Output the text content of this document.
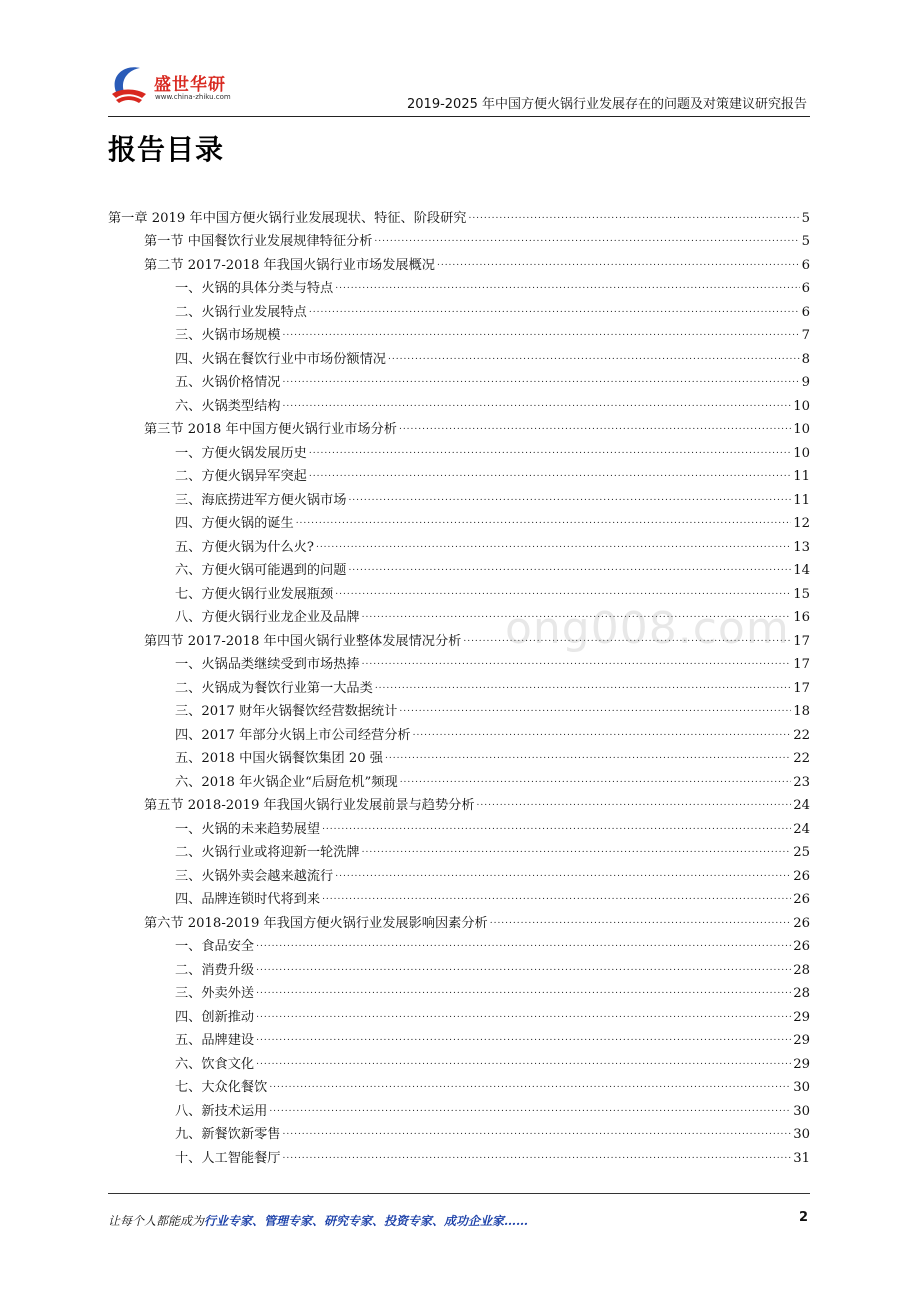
盛世华研
www.china-zhiku.com	2019-2025 年中国方便火锅行业发展存在的问题及对策建议研究报告
报告目录
第一章 2019 年中国方便火锅行业发展现状、特征、阶段研究 .....	5
第一节 中国餐饮行业发展规律特征分析 .....	5
第二节 2017-2018 年我国火锅行业市场发展概况 .....	6
一、火锅的具体分类与特点 .....	6
二、火锅行业发展特点 .....	6
三、火锅市场规模 .....	7
四、火锅在餐饮行业中市场份额情况 .....	8
五、火锅价格情况 .....	9
六、火锅类型结构 .....	10
第三节 2018 年中国方便火锅行业市场分析 .....	10
一、方便火锅发展历史 .....	10
二、方便火锅异军突起 .....	11
三、海底捞进军方便火锅市场 .....	11
四、方便火锅的诞生 .....	12
五、方便火锅为什么火? .....	13
六、方便火锅可能遇到的问题 .....	14
七、方便火锅行业发展瓶颈 .....	15
八、方便火锅行业龙企业及品牌 .....	16
第四节 2017-2018 年中国火锅行业整体发展情况分析 .....	17
一、火锅品类继续受到市场热捧 .....	17
二、火锅成为餐饮行业第一大品类 .....	17
三、2017 财年火锅餐饮经营数据统计 .....	18
四、2017 年部分火锅上市公司经营分析 .....	22
五、2018 中国火锅餐饮集团 20 强 .....	22
六、2018 年火锅企业“后厨危机”频现 .....	23
第五节 2018-2019 年我国火锅行业发展前景与趋势分析 .....	24
一、火锅的未来趋势展望 .....	24
二、火锅行业或将迎新一轮洗牌 .....	25
三、火锅外卖会越来越流行 .....	26
四、品牌连锁时代将到来 .....	26
第六节 2018-2019 年我国方便火锅行业发展影响因素分析 .....	26
一、食品安全 .....	26
二、消费升级 .....	28
三、外卖外送 .....	28
四、创新推动 .....	29
五、品牌建设 .....	29
六、饮食文化 .....	29
七、大众化餐饮 .....	30
八、新技术运用 .....	30
九、新餐饮新零售 .....	30
十、人工智能餐厅 .....	31
ong008.com
让每个人都能成为行业专家、管理专家、研究专家、投资专家、成功企业家……	2
